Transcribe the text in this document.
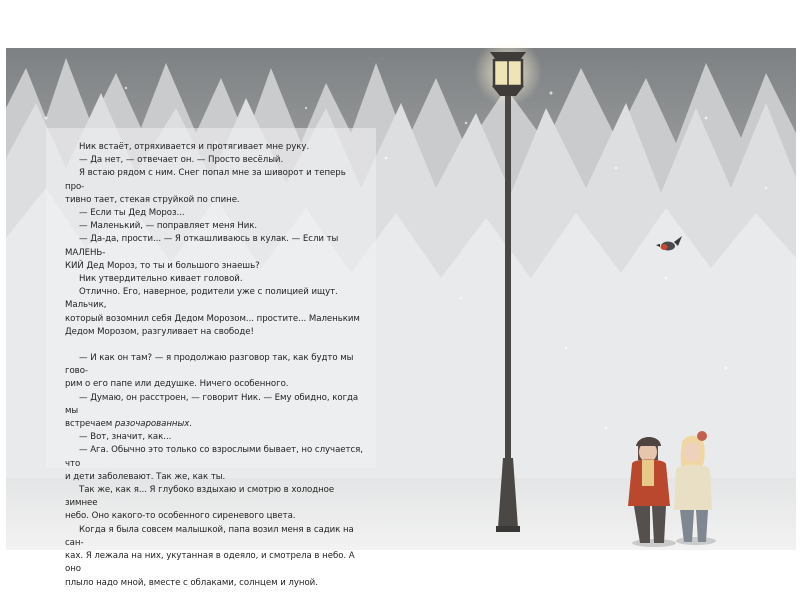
Ник встаёт, отряхивается и протягивает мне руку.

— Да нет, — отвечает он. — Просто весёлый.

Я встаю рядом с ним. Снег попал мне за шиворот и теперь про-
тивно тает, стекая струйкой по спине.

— Если ты Дед Мороз...

— Маленький, — поправляет меня Ник.

— Да-да, прости... — Я откашливаюсь в кулак. — Если ты МАЛЕНЬ-
КИЙ Дед Мороз, то ты и большого знаешь?

Ник утвердительно кивает головой.

Отлично. Его, наверное, родители уже с полицией ищут. Мальчик,
который возомнил себя Дедом Морозом... простите... Маленьким
Дедом Морозом, разгуливает на свободе!

— И как он там? — я продолжаю разговор так, как будто мы гово-
рим о его папе или дедушке. Ничего особенного.

— Думаю, он расстроен, — говорит Ник. — Ему обидно, когда мы
встречаем разочарованных.

— Вот, значит, как...

— Ага. Обычно это только со взрослыми бывает, но случается, что
и дети заболевают. Так же, как ты.

Так же, как я... Я глубоко вздыхаю и смотрю в холодное зимнее
небо. Оно какого-то особенного сиреневого цвета.

Когда я была совсем малышкой, папа возил меня в садик на сан-
ках. Я лежала на них, укутанная в одеяло, и смотрела в небо. А оно
плыло надо мной, вместе с облаками, солнцем и луной.
